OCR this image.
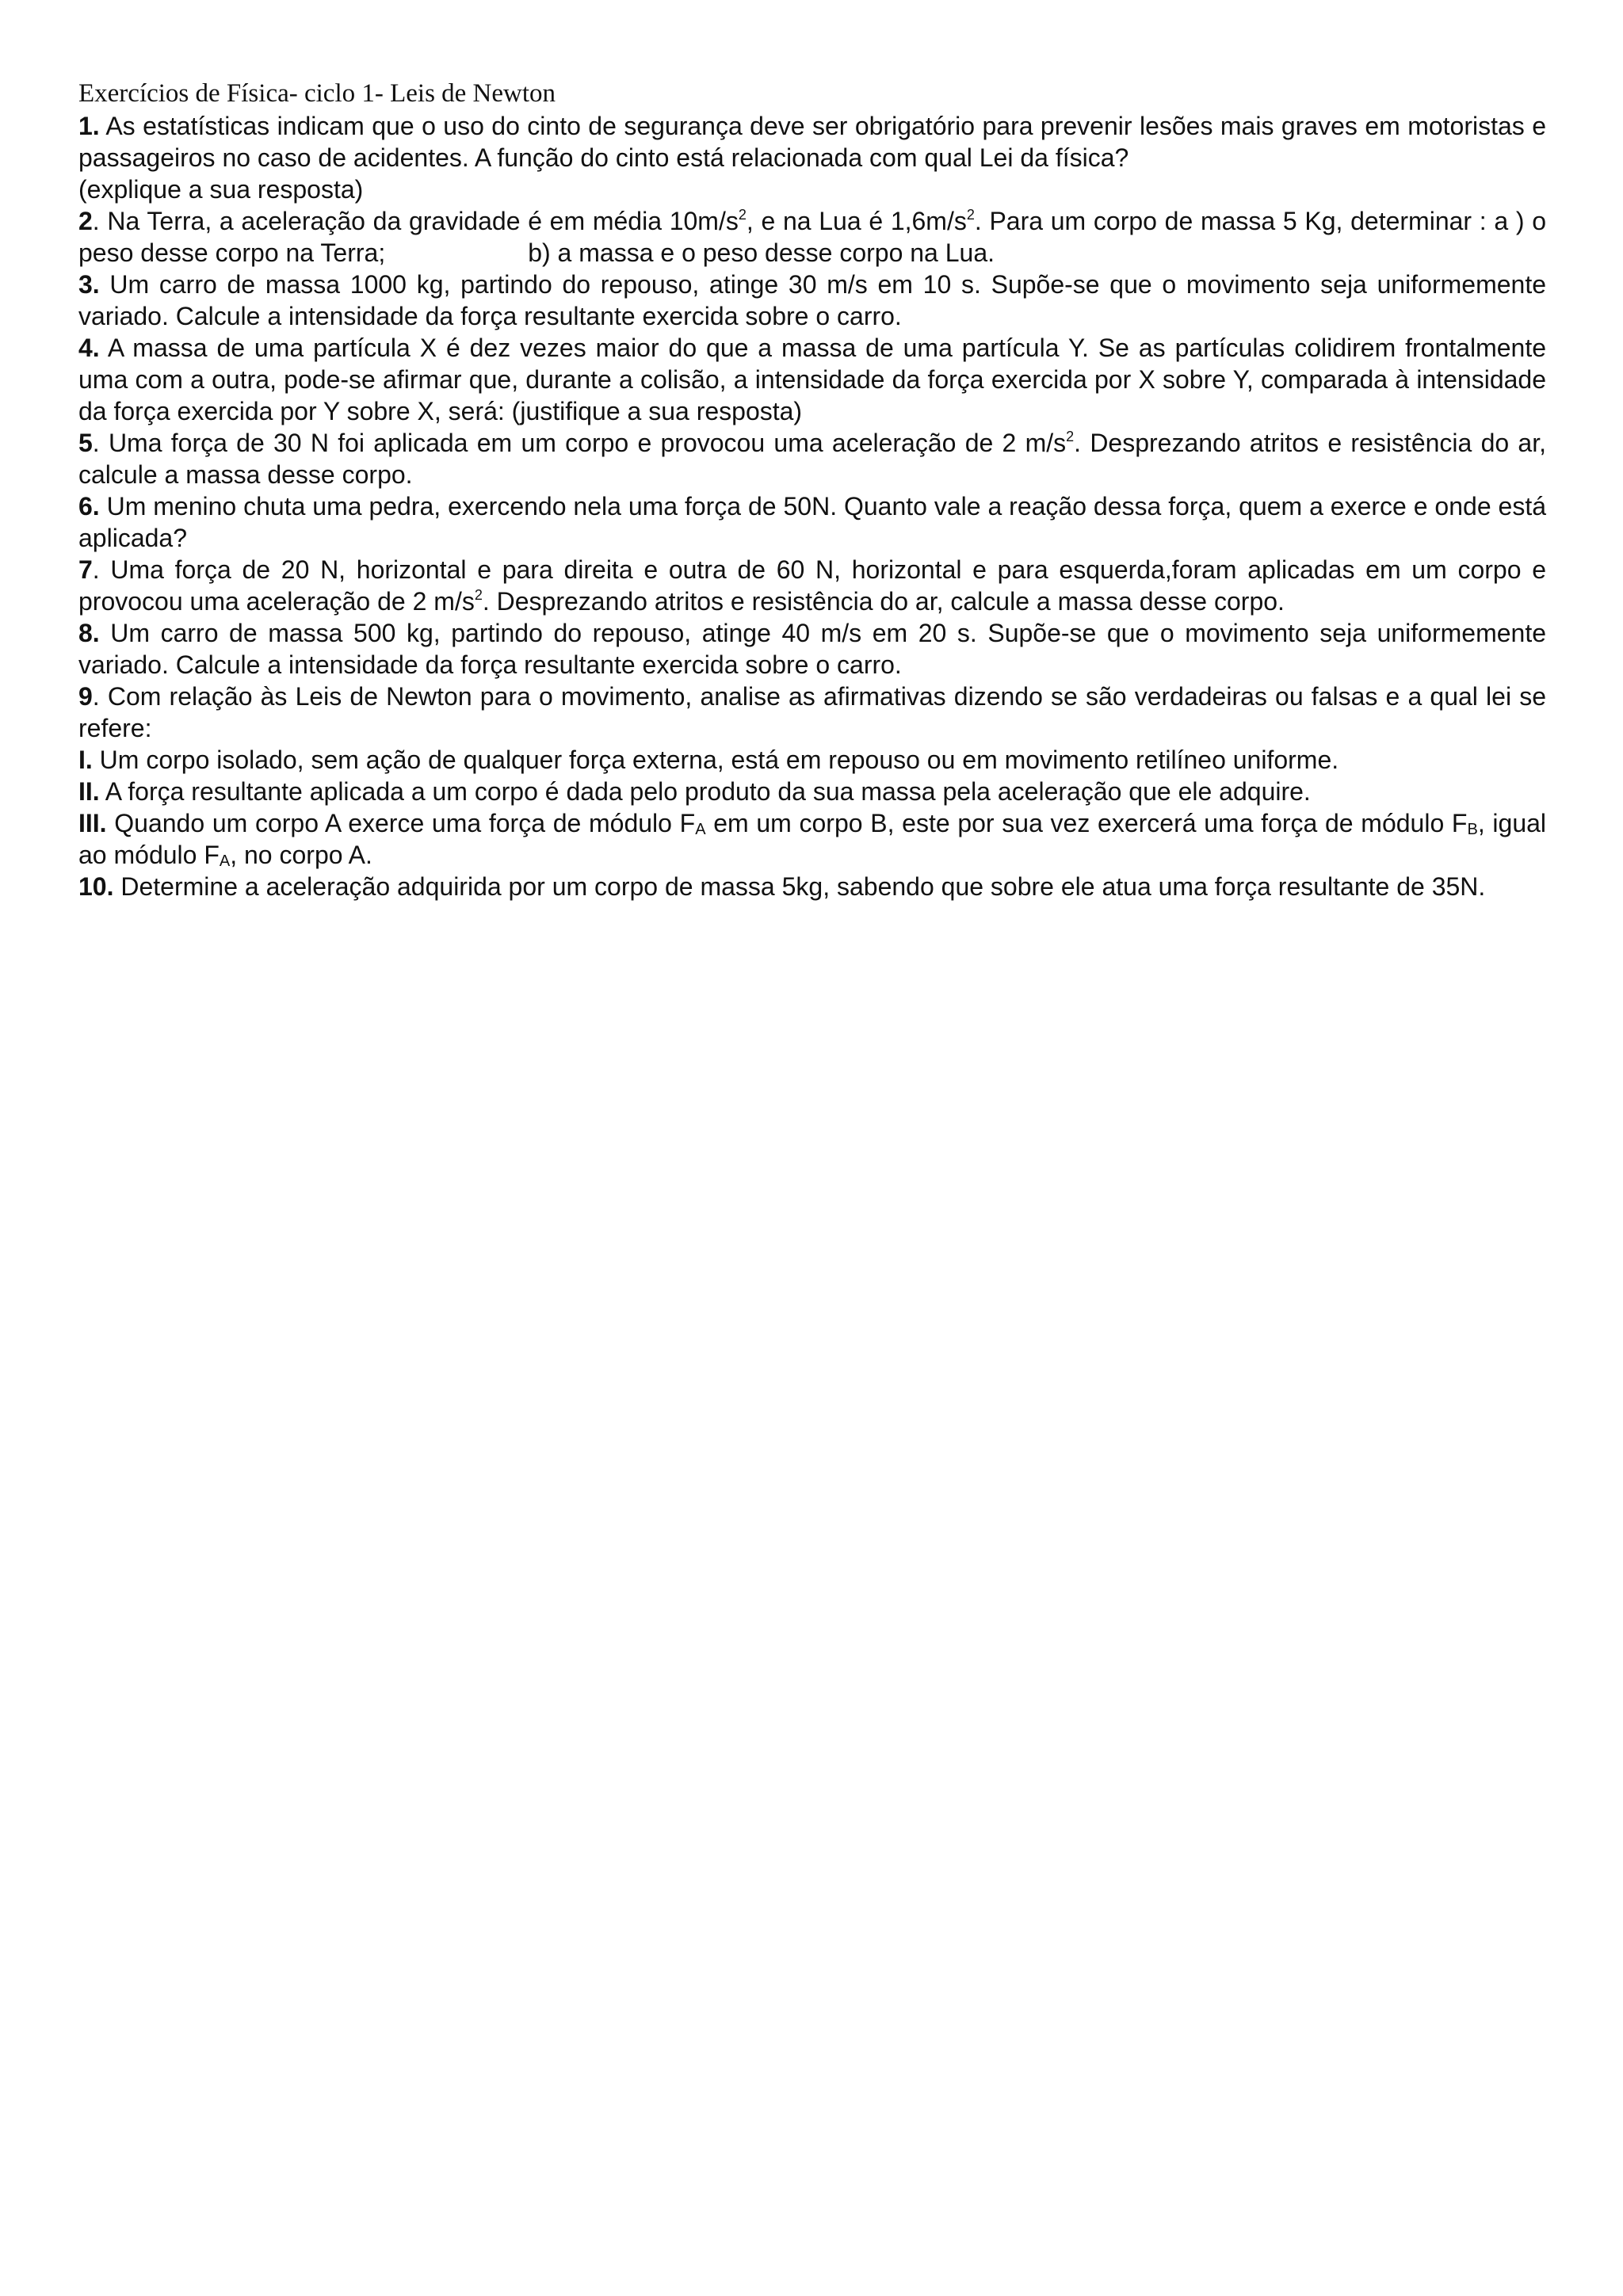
Exercícios de Física- ciclo 1- Leis de Newton

1. As estatísticas indicam que o uso do cinto de segurança deve ser obrigatório para prevenir lesões mais graves em motoristas e passageiros no caso de acidentes. A função do cinto está relacionada com qual Lei da física?

(explique a sua resposta)

2. Na Terra, a aceleração da gravidade é em média $10m/s^2$, e na Lua é $1,6m/s^2$. Para um corpo de massa 5 Kg, determinar : a ) o peso desse corpo na Terra;	b) a massa e o peso desse corpo na Lua.

3. Um carro de massa 1000 kg, partindo do repouso, atinge 30 m/s em 10 s. Supõe-se que o movimento seja uniformemente variado. Calcule a intensidade da força resultante exercida sobre o carro.

4. A massa de uma partícula X é dez vezes maior do que a massa de uma partícula Y. Se as partículas colidirem frontalmente uma com a outra, pode-se afirmar que, durante a colisão, a intensidade da força exercida por X sobre Y, comparada à intensidade da força exercida por Y sobre X, será: (justifique a sua resposta)

5. Uma força de 30 N foi aplicada em um corpo e provocou uma aceleração de 2 $m/s^2$. Desprezando atritos e resistência do ar, calcule a massa desse corpo.

6. Um menino chuta uma pedra, exercendo nela uma força de 50N. Quanto vale a reação dessa força, quem a exerce e onde está aplicada?

7. Uma força de 20 N, horizontal e para direita e outra de 60 N, horizontal e para esquerda,foram aplicadas em um corpo e provocou uma aceleração de 2 $m/s^2$. Desprezando atritos e resistência do ar, calcule a massa desse corpo.

8. Um carro de massa 500 kg, partindo do repouso, atinge 40 m/s em 20 s. Supõe-se que o movimento seja uniformemente variado. Calcule a intensidade da força resultante exercida sobre o carro.

9. Com relação às Leis de Newton para o movimento, analise as afirmativas dizendo se são verdadeiras ou falsas e a qual lei se refere:

I. Um corpo isolado, sem ação de qualquer força externa, está em repouso ou em movimento retilíneo uniforme.

II. A força resultante aplicada a um corpo é dada pelo produto da sua massa pela aceleração que ele adquire.

III. Quando um corpo A exerce uma força de módulo $F_A$ em um corpo B, este por sua vez exercerá uma força de módulo $F_B$, igual ao módulo $F_A$, no corpo A.

10. Determine a aceleração adquirida por um corpo de massa 5kg, sabendo que sobre ele atua uma força resultante de 35N.
